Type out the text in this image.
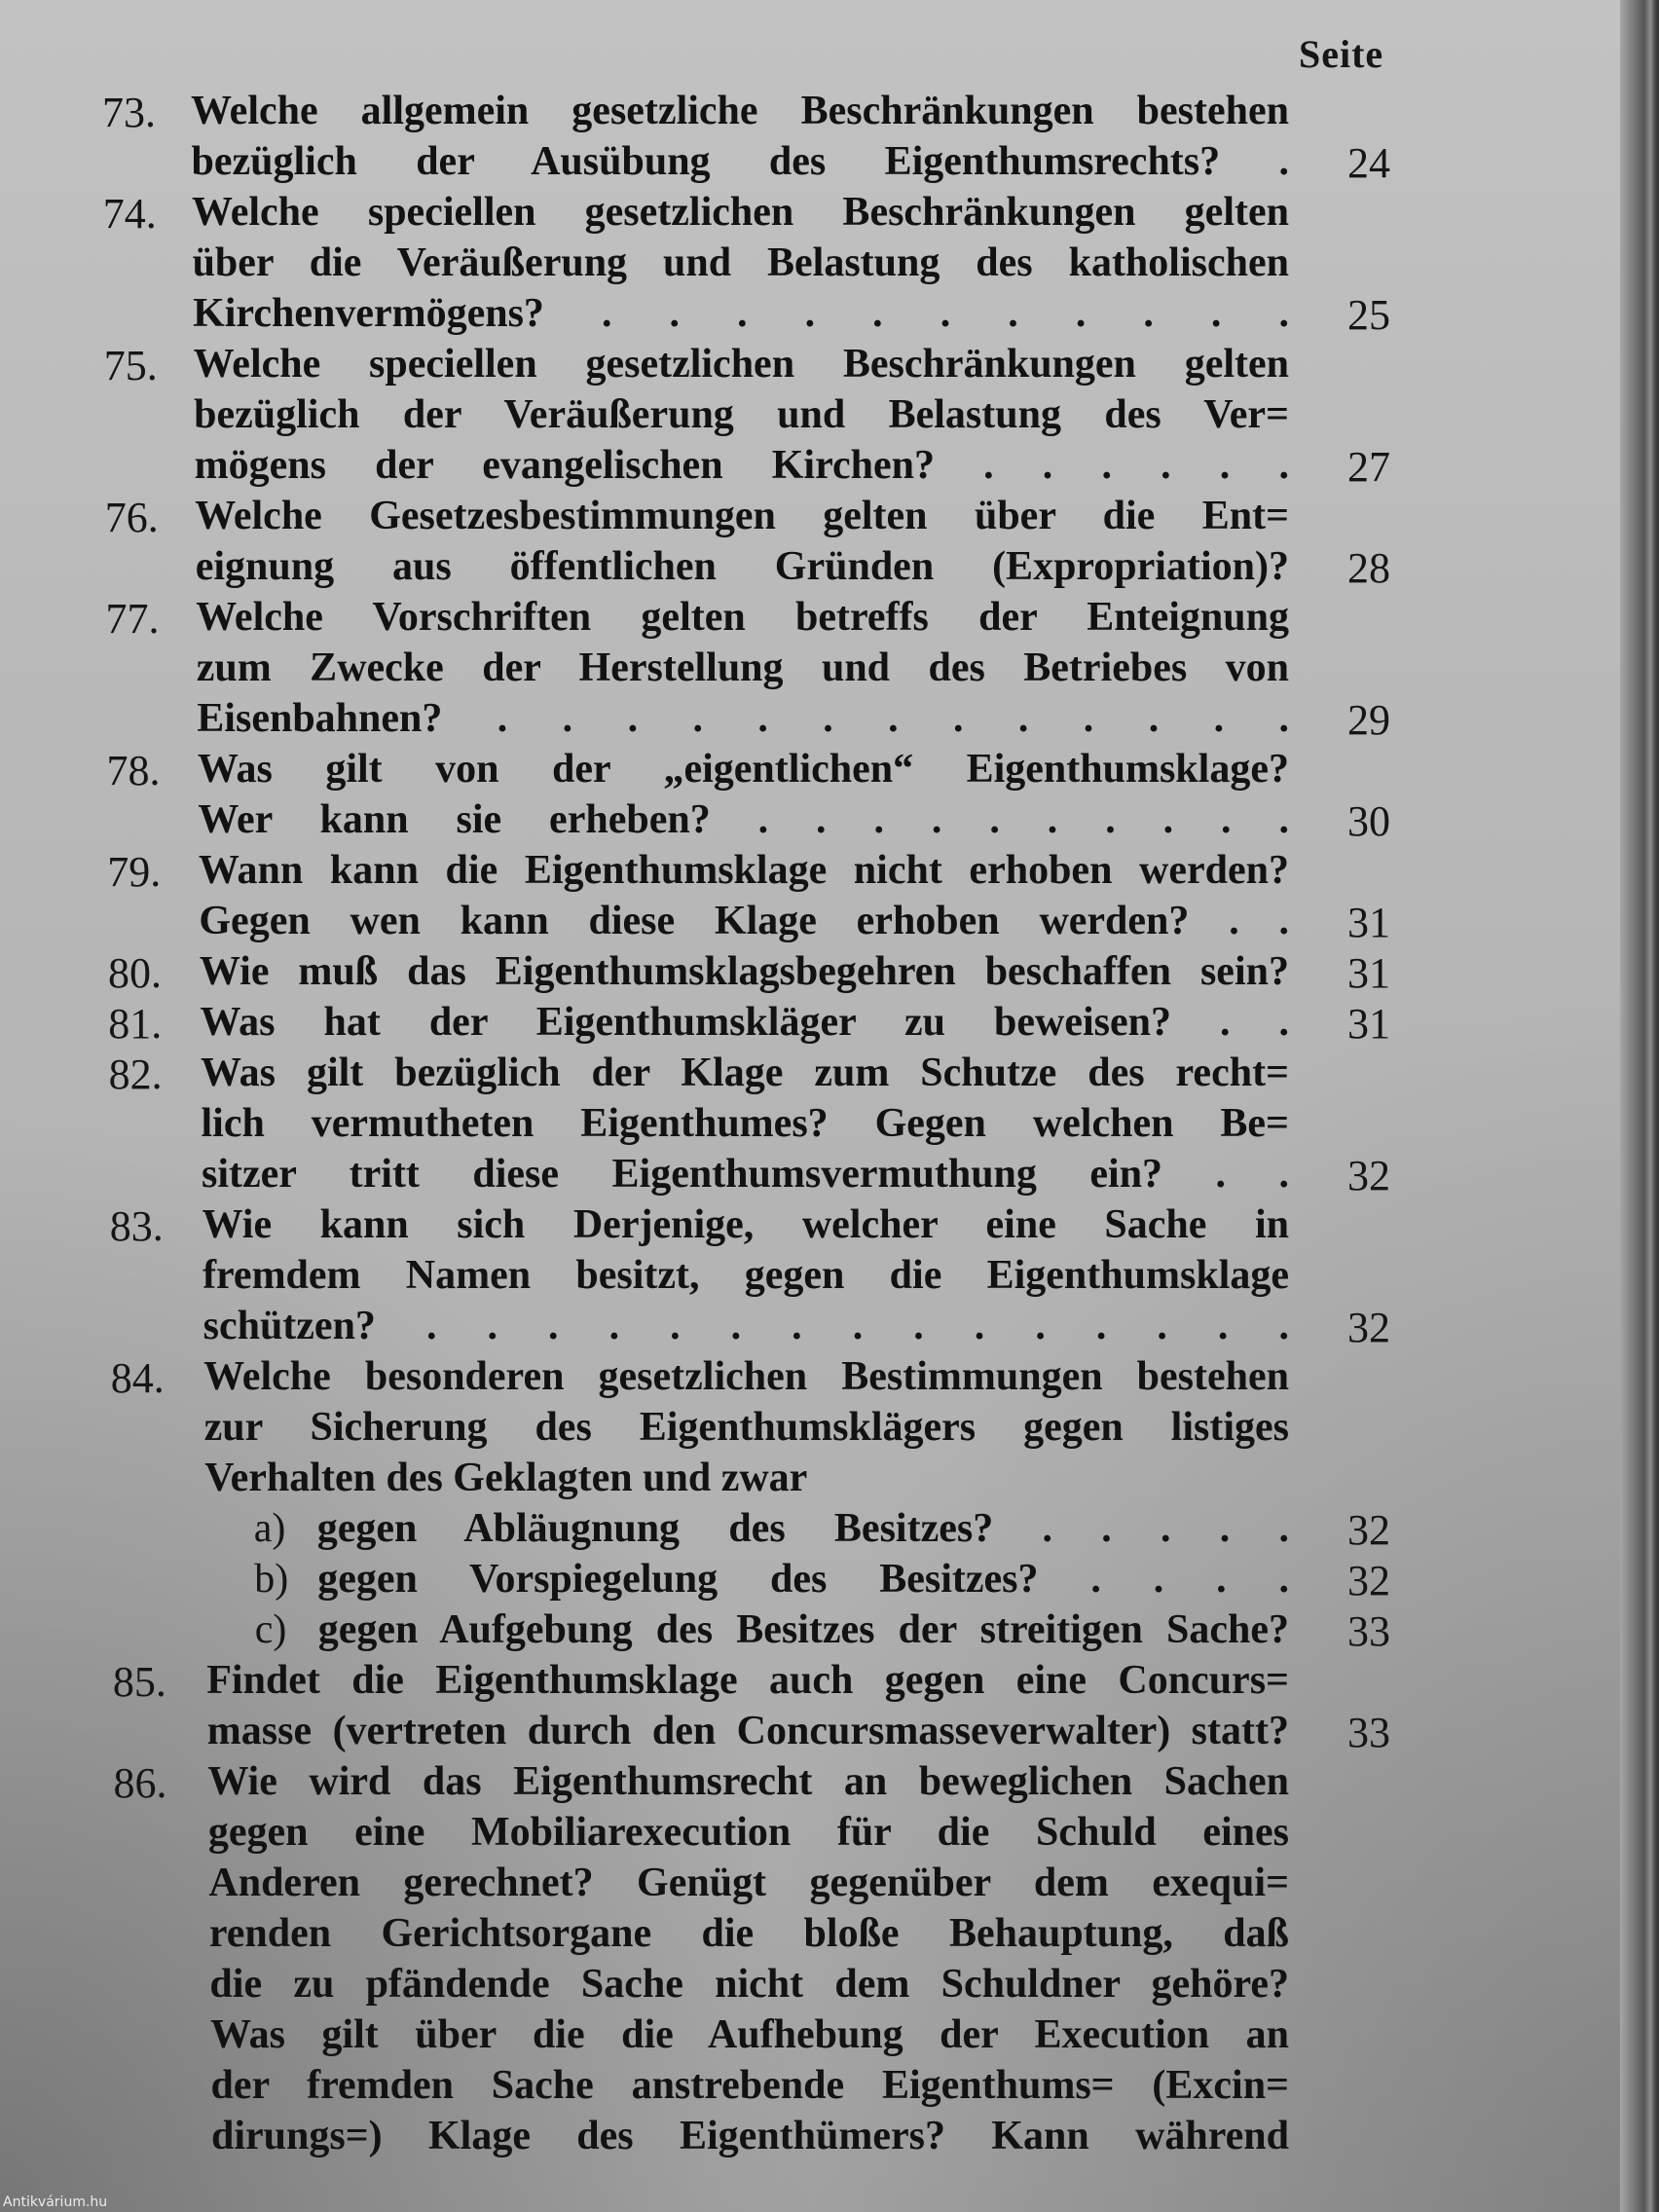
Seite
73. Welche allgemein gesetzliche Beschränkungen bestehen
bezüglich der Ausübung des Eigenthumsrechts? .	24
74. Welche speciellen gesetzlichen Beschränkungen gelten
über die Veräußerung und Belastung des katholischen
Kirchenvermögens? . . . . . . . . . . .	25
75. Welche speciellen gesetzlichen Beschränkungen gelten
bezüglich der Veräußerung und Belastung des Ver=
mögens der evangelischen Kirchen? . . . . . .	27
76. Welche Gesetzesbestimmungen gelten über die Ent=
eignung aus öffentlichen Gründen (Expropriation)?	28
77. Welche Vorschriften gelten betreffs der Enteignung
zum Zwecke der Herstellung und des Betriebes von
Eisenbahnen? . . . . . . . . . . . . .	29
78. Was gilt von der „eigentlichen“ Eigenthumsklage?
Wer kann sie erheben? . . . . . . . . . .	30
79. Wann kann die Eigenthumsklage nicht erhoben werden?
Gegen wen kann diese Klage erhoben werden? . .	31
80. Wie muß das Eigenthumsklagsbegehren beschaffen sein?	31
81. Was hat der Eigenthumskläger zu beweisen? . .	31
82. Was gilt bezüglich der Klage zum Schutze des recht=
lich vermutheten Eigenthumes? Gegen welchen Be=
sitzer tritt diese Eigenthumsvermuthung ein? . .	32
83. Wie kann sich Derjenige, welcher eine Sache in
fremdem Namen besitzt, gegen die Eigenthumsklage
schützen? . . . . . . . . . . . . . . .	32
84. Welche besonderen gesetzlichen Bestimmungen bestehen
zur Sicherung des Eigenthumsklägers gegen listiges
Verhalten des Geklagten und zwar
a) gegen Abläugnung des Besitzes? . . . . .	32
b) gegen Vorspiegelung des Besitzes? . . . .	32
c) gegen Aufgebung des Besitzes der streitigen Sache?	33
85. Findet die Eigenthumsklage auch gegen eine Concurs=
masse (vertreten durch den Concursmasseverwalter) statt?	33
86. Wie wird das Eigenthumsrecht an beweglichen Sachen
gegen eine Mobiliarexecution für die Schuld eines
Anderen gerechnet? Genügt gegenüber dem exequi=
renden Gerichtsorgane die bloße Behauptung, daß
die zu pfändende Sache nicht dem Schuldner gehöre?
Was gilt über die die Aufhebung der Execution an
der fremden Sache anstrebende Eigenthums= (Excin=
dirungs=) Klage des Eigenthümers? Kann während
Antikvárium.hu
